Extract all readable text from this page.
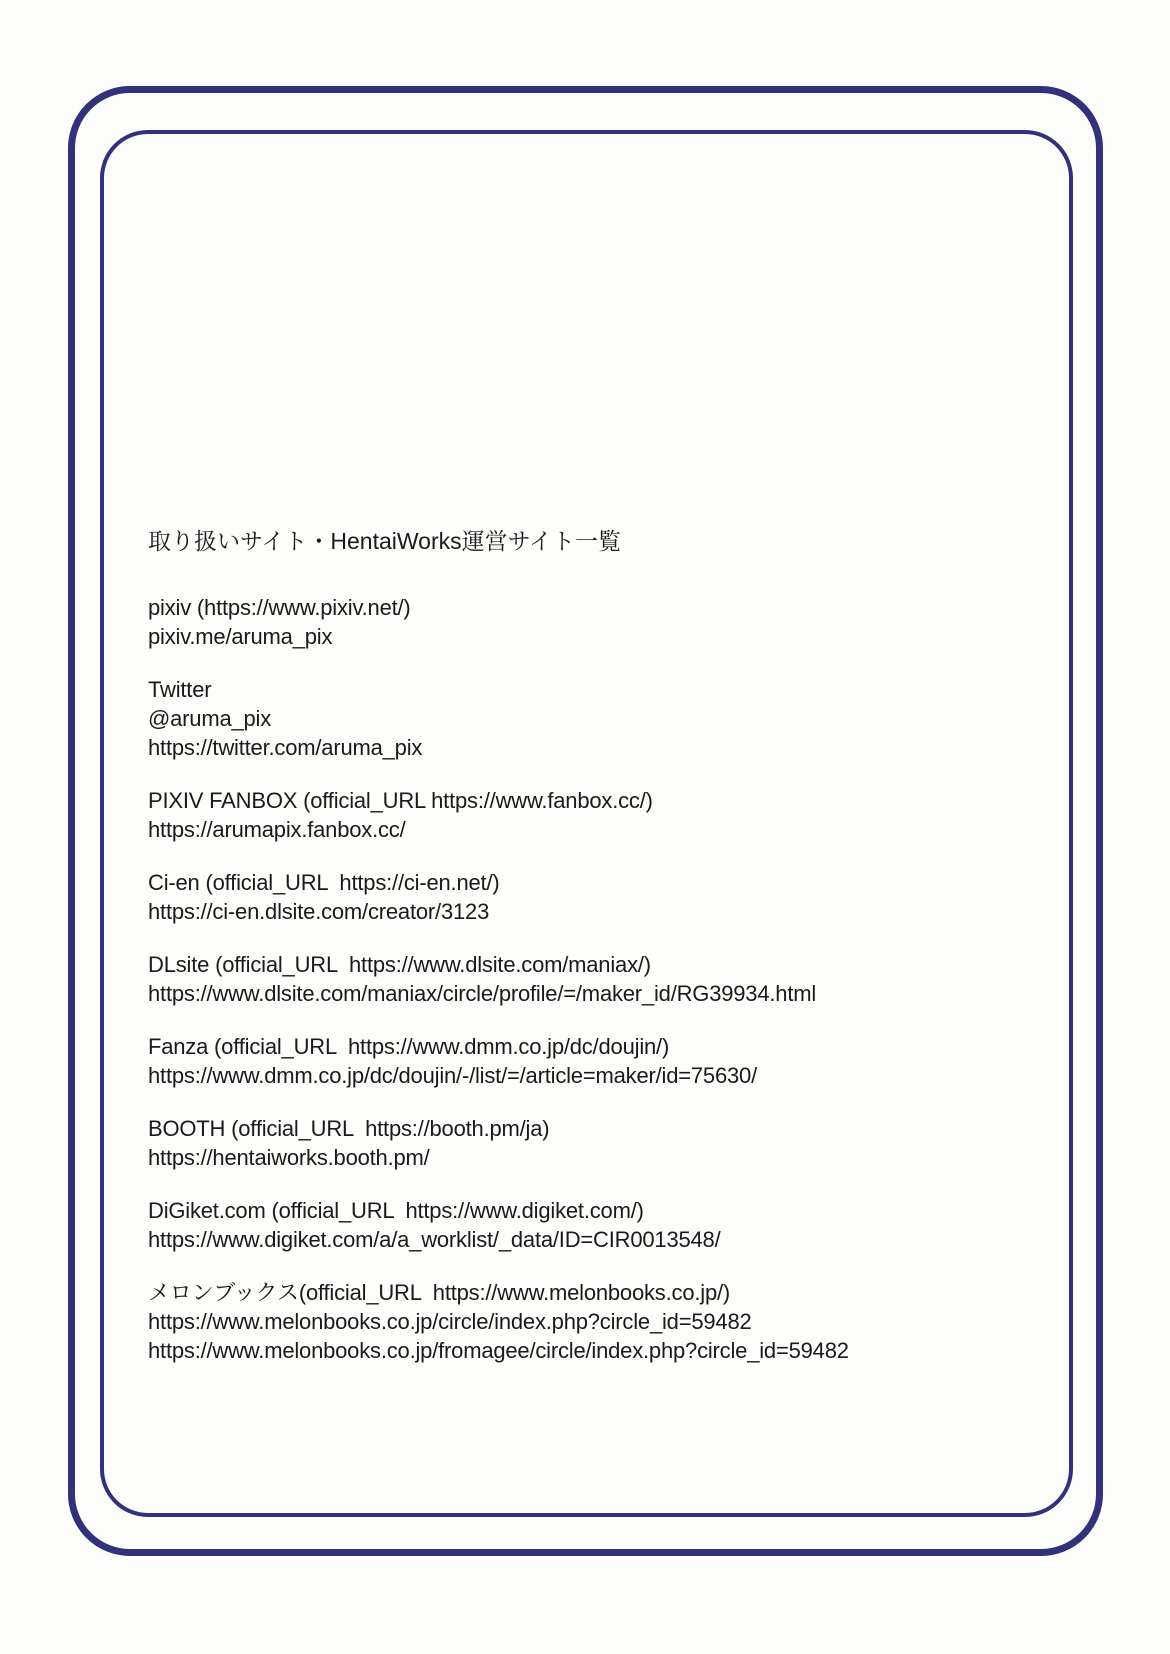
取り扱いサイト・HentaiWorks運営サイト一覧
pixiv (https://www.pixiv.net/)
pixiv.me/aruma_pix
Twitter
@aruma_pix
https://twitter.com/aruma_pix
PIXIV FANBOX (official_URL https://www.fanbox.cc/)
https://arumapix.fanbox.cc/
Ci-en (official_URL  https://ci-en.net/)
https://ci-en.dlsite.com/creator/3123
DLsite (official_URL  https://www.dlsite.com/maniax/)
https://www.dlsite.com/maniax/circle/profile/=/maker_id/RG39934.html
Fanza (official_URL  https://www.dmm.co.jp/dc/doujin/)
https://www.dmm.co.jp/dc/doujin/-/list/=/article=maker/id=75630/
BOOTH (official_URL  https://booth.pm/ja)
https://hentaiworks.booth.pm/
DiGiket.com (official_URL  https://www.digiket.com/)
https://www.digiket.com/a/a_worklist/_data/ID=CIR0013548/
メロンブックス(official_URL  https://www.melonbooks.co.jp/)
https://www.melonbooks.co.jp/circle/index.php?circle_id=59482
https://www.melonbooks.co.jp/fromagee/circle/index.php?circle_id=59482
